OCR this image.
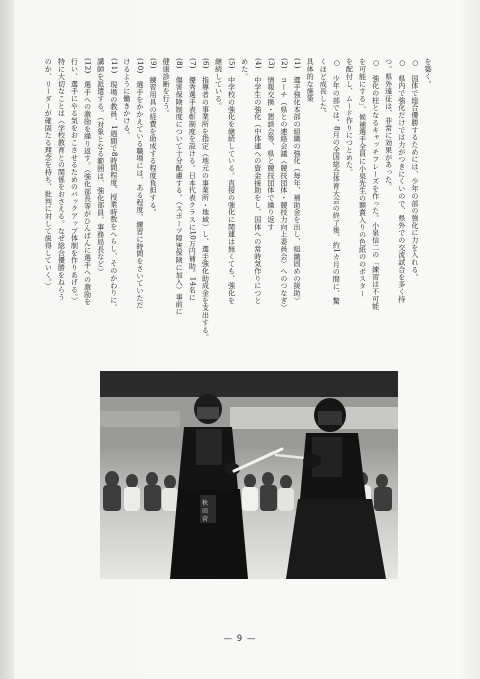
を築く。
○　国体で総合優勝するためには、少年の部の強化に力を入れる。
○　県内で強化だけでは力がつきにくいので、県外での交流試合を多く持
つ。県外遠征は、非常に効果があった。
○　強化の柱となるキャッチフレーズを作った。小泉信二の「練習は不可能
を可能にする」、候補選手全員に小泉先生の額賞入りの色紙ののポスター
を配付し、ムード作りにつとめた。
○　少年の部では、8月の全国総合体育大会の終了後、約1カ月の間に、驚
くほど成長した。
具体的な施策
(1)　選手強化本部の組織の強化（毎年、補助金を出し、組織固めの援助）
(2)　コーチ（県との連絡会議（競技団体・競技力向上委員会）へのつなぎ）
(3)　情報交換・懇談会等、県と競技団体で繰り返す
(4)　中学生の強化（中体連への資金援助をし、国体への常時気作りにつと
めた。
(5)　中学校の強化を継続している。直接の強化に関連は無くても、強化を
継続している。
(6)　指導者の事業所を指定（地元の事業所・地域）し、選手強化助成金を支出する。
(7)　優秀選手表彰制度を設ける。日本代表クラスに10万円補助。14名に
(8)　傷害保険制度について十分配慮する。（スポーツ障害保険に加入）事前に
健康診断を行う。
(9)　練習用具の経費を助成する程度負担する。
(10)　選手をかかえている職場には、ある程度、練習に時間をさいていただ
けるように働きかける。
(11)　現場の教員、1週間で8時間程度、授業時数をへらし、そのかわりに、
講師を派遣する。（対象となる範囲は、強化部員、事務局長など）
(12)　選手への激励を繰り返す。（強化部長等がひんぱんに選手への激励を
行い、選手にやる気をおこさせるためのバックアップ体制を作りあげる。）
特に大切なことは（学校教育との関係をおさえる。なぜ総合優勝をねらう
のか、リーダーが確固たる理念を持ち、批判に対して説得していく。）
秋
田
菅
— 9 —
